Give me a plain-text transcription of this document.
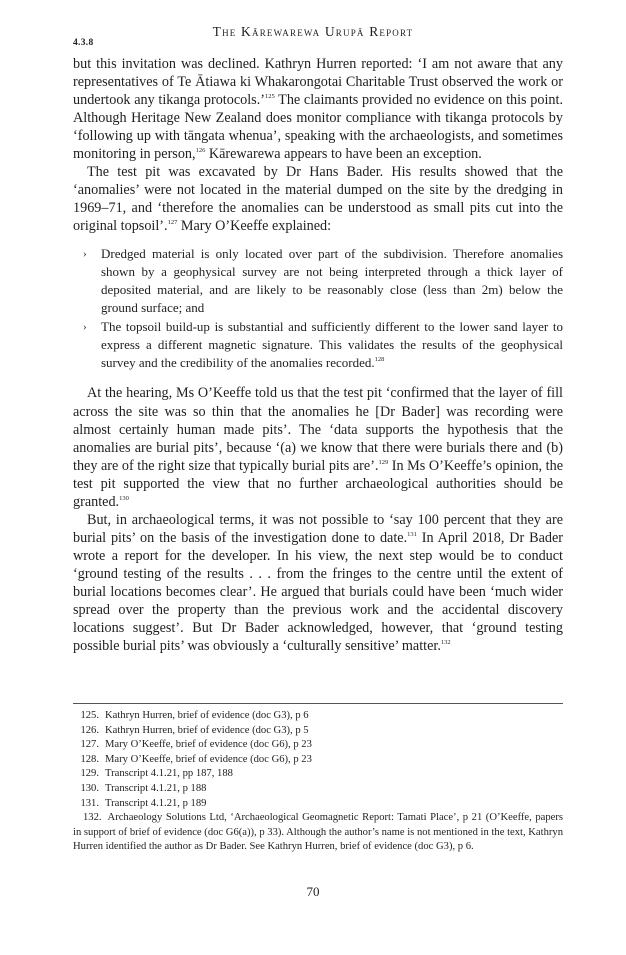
The Kārewarewa Urupā Report
4.3.8

but this invitation was declined. Kathryn Hurren reported: ‘I am not aware that any representatives of Te Ātiawa ki Whakarongotai Charitable Trust observed the work or undertook any tikanga protocols.’$^{125}$ The claimants provided no evidence on this point. Although Heritage New Zealand does monitor compliance with tikanga protocols by ‘following up with tāngata whenua’, speaking with the archaeologists, and sometimes monitoring in person,$^{126}$ Kārewarewa appears to have been an exception.

The test pit was excavated by Dr Hans Bader. His results showed that the ‘anomalies’ were not located in the material dumped on the site by the dredging in 1969–71, and ‘therefore the anomalies can be understood as small pits cut into the original topsoil’.$^{127}$ Mary O’Keeffe explained:

› Dredged material is only located over part of the subdivision. Therefore anomalies shown by a geophysical survey are not being interpreted through a thick layer of deposited material, and are likely to be reasonably close (less than 2m) below the ground surface; and
› The topsoil build-up is substantial and sufficiently different to the lower sand layer to express a different magnetic signature. This validates the results of the geophysical survey and the credibility of the anomalies recorded.$^{128}$

At the hearing, Ms O’Keeffe told us that the test pit ‘confirmed that the layer of fill across the site was so thin that the anomalies he [Dr Bader] was recording were almost certainly human made pits’. The ‘data supports the hypothesis that the anomalies are burial pits’, because ‘(a) we know that there were burials there and (b) they are of the right size that typically burial pits are’.$^{129}$ In Ms O’Keeffe’s opinion, the test pit supported the view that no further archaeological authorities should be granted.$^{130}$

But, in archaeological terms, it was not possible to ‘say 100 percent that they are burial pits’ on the basis of the investigation done to date.$^{131}$ In April 2018, Dr Bader wrote a report for the developer. In his view, the next step would be to conduct ‘ground testing of the results . . . from the fringes to the centre until the extent of burial locations becomes clear’. He argued that burials could have been ‘much wider spread over the property than the previous work and the accidental discovery locations suggest’. But Dr Bader acknowledged, however, that ‘ground testing possible burial pits’ was obviously a ‘culturally sensitive’ matter.$^{132}$

125. Kathryn Hurren, brief of evidence (doc G3), p 6
126. Kathryn Hurren, brief of evidence (doc G3), p 5
127. Mary O’Keeffe, brief of evidence (doc G6), p 23
128. Mary O’Keeffe, brief of evidence (doc G6), p 23
129. Transcript 4.1.21, pp 187, 188
130. Transcript 4.1.21, p 188
131. Transcript 4.1.21, p 189
132. Archaeology Solutions Ltd, ‘Archaeological Geomagnetic Report: Tamati Place’, p 21 (O’Keeffe, papers in support of brief of evidence (doc G6(a)), p 33). Although the author’s name is not mentioned in the text, Kathryn Hurren identified the author as Dr Bader. See Kathryn Hurren, brief of evidence (doc G3), p 6.
70
